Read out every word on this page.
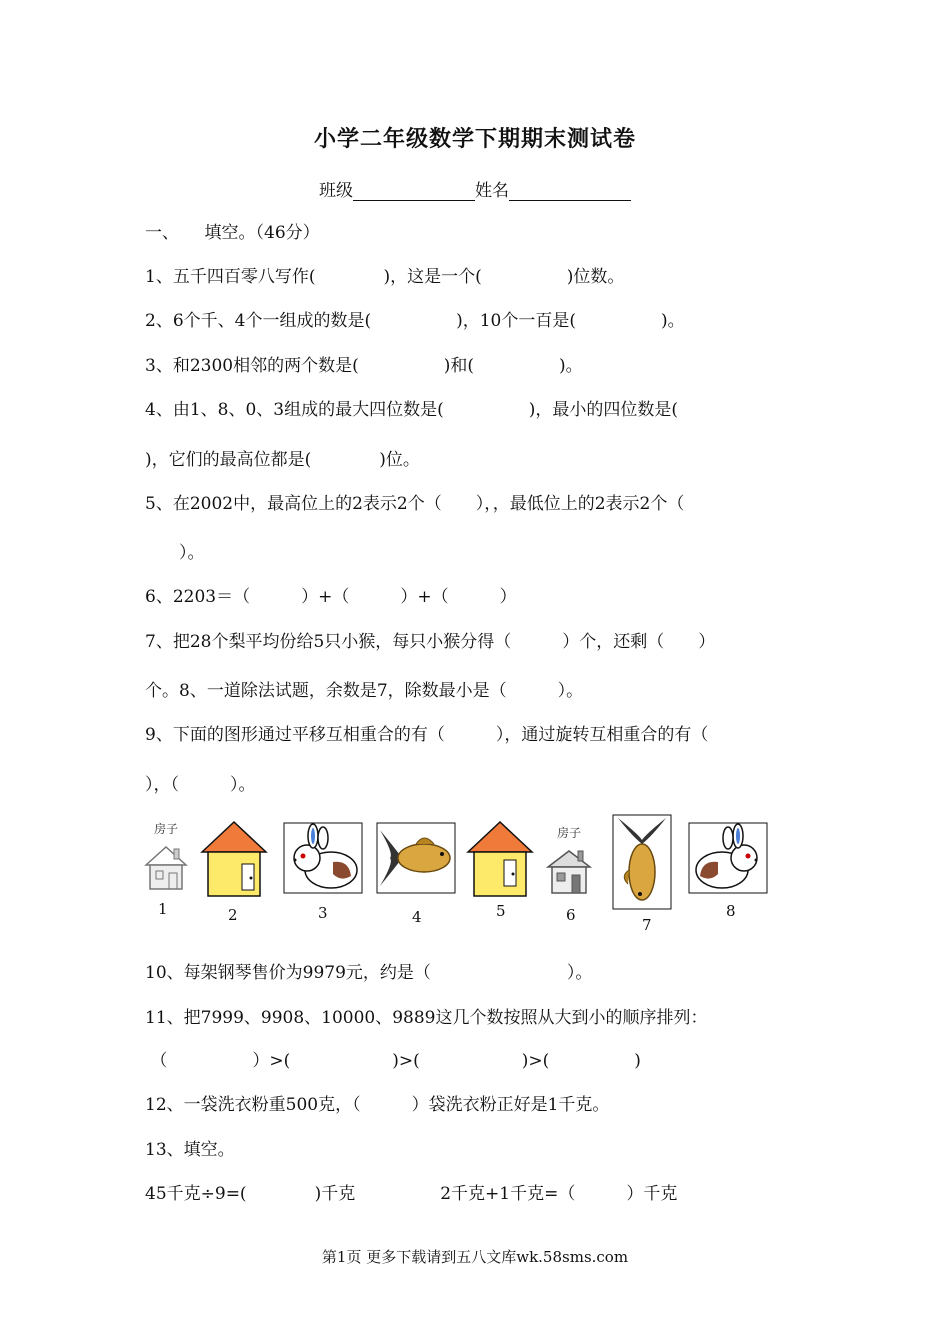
小学二年级数学下期期末测试卷
班级	姓名
一、　　填空。（46分）
1、五千四百零八写作(　　　　)，这是一个(　　　　　)位数。
2、6个千、4个一组成的数是(　　　　　)，10个一百是(　　　　　)。
3、和2300相邻的两个数是(　　　　　)和(　　　　　)。
4、由1、8、0、3组成的最大四位数是(　　　　　)，最小的四位数是(
)，它们的最高位都是(　　　　)位。
5、在2002中，最高位上的2表示2个（　　），，最低位上的2表示2个（
　　）。
6、2203＝（　　　）+（　　　）+（　　　）
7、把28个梨平均份给5只小猴，每只小猴分得（　　　）个，还剩（　　）
个。8、一道除法试题，余数是7，除数最小是（　　　）。
9、下面的图形通过平移互相重合的有（　　　），通过旋转互相重合的有（
），（　　　）。
房子	房子
1	2	3	4	5	6
7
8
10、每架钢琴售价为9979元，约是（　　　　　　　　）。
11、把7999、9908、10000、9889这几个数按照从大到小的顺序排列：
（　　　　　）>(　　　　　　)>(　　　　　　)>(　　　　　)
12、一袋洗衣粉重500克，（　　　）袋洗衣粉正好是1千克。
13、填空。
45千克÷9=(　　　　)千克　　　　　2千克+1千克=（　　　）千克
第1页 更多下载请到五八文库wk.58sms.com
